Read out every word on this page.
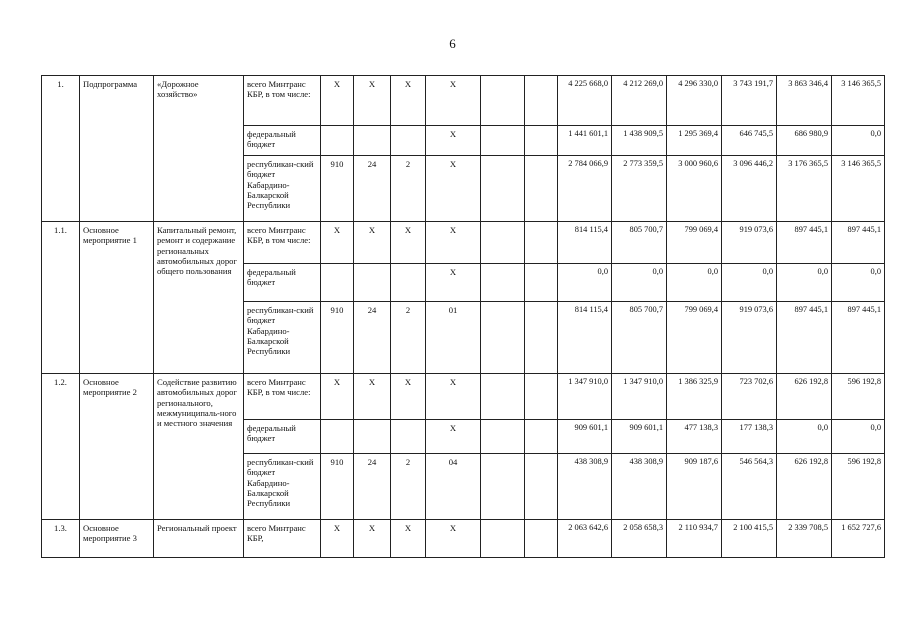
6
1.	Подпрограмма	«Дорожное хозяйство»	всего Минтранс КБР, в том числе:	X	X	X	X			4 225 668,0	4 212 269,0	4 296 330,0	3 743 191,7	3 863 346,4	3 146 365,5
			федеральный бюджет				X			1 441 601,1	1 438 909,5	1 295 369,4	646 745,5	686 980,9	0,0
			республикан-ский бюджет Кабардино-Балкарской Республики	910	24	2	X			2 784 066,9	2 773 359,5	3 000 960,6	3 096 446,2	3 176 365,5	3 146 365,5
1.1.	Основное мероприятие 1	Капитальный ремонт, ремонт и содержание региональных автомобильных дорог общего пользования	всего Минтранс КБР, в том числе:	X	X	X	X			814 115,4	805 700,7	799 069,4	919 073,6	897 445,1	897 445,1
			федеральный бюджет				X			0,0	0,0	0,0	0,0	0,0	0,0
			республикан-ский бюджет Кабардино-Балкарской Республики	910	24	2	01			814 115,4	805 700,7	799 069,4	919 073,6	897 445,1	897 445,1
1.2.	Основное мероприятие 2	Содействие развитию автомобильных дорог регионального, межмуниципаль-ного и местного значения	всего Минтранс КБР, в том числе:	X	X	X	X			1 347 910,0	1 347 910,0	1 386 325,9	723 702,6	626 192,8	596 192,8
			федеральный бюджет				X			909 601,1	909 601,1	477 138,3	177 138,3	0,0	0,0
			республикан-ский бюджет Кабардино-Балкарской Республики	910	24	2	04			438 308,9	438 308,9	909 187,6	546 564,3	626 192,8	596 192,8
1.3.	Основное мероприятие 3	Региональный проект	всего Минтранс КБР,	X	X	X	X			2 063 642,6	2 058 658,3	2 110 934,7	2 100 415,5	2 339 708,5	1 652 727,6
